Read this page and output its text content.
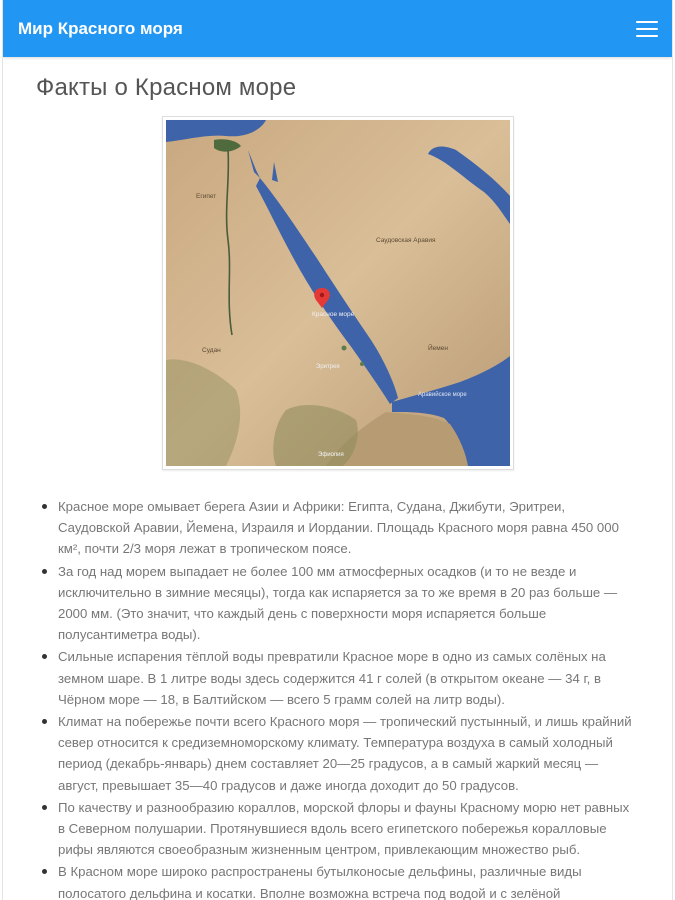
Мир Красного моря
Факты о Красном море
Красное море
Египет
Саудовская Аравия
Судан
Эритрея
Йемен
Аравийское море
Эфиопия
Красное море омывает берега Азии и Африки: Египта, Судана, Джибути, Эритреи, Саудовской Аравии, Йемена, Израиля и Иордании. Площадь Красного моря равна 450 000 км², почти 2/3 моря лежат в тропическом поясе.
За год над морем выпадает не более 100 мм атмосферных осадков (и то не везде и исключительно в зимние месяцы), тогда как испаряется за то же время в 20 раз больше — 2000 мм. (Это значит, что каждый день с поверхности моря испаряется больше полусантиметра воды).
Сильные испарения тёплой воды превратили Красное море в одно из самых солёных на земном шаре. В 1 литре воды здесь содержится 41 г солей (в открытом океане — 34 г, в Чёрном море — 18, в Балтийском — всего 5 грамм солей на литр воды).
Климат на побережье почти всего Красного моря — тропический пустынный, и лишь крайний север относится к средиземноморскому климату. Температура воздуха в самый холодный период (декабрь-январь) днем составляет 20—25 градусов, а в самый жаркий месяц — август, превышает 35—40 градусов и даже иногда доходит до 50 градусов.
По качеству и разнообразию кораллов, морской флоры и фауны Красному морю нет равных в Северном полушарии. Протянувшиеся вдоль всего египетского побережья коралловые рифы являются своеобразным жизненным центром, привлекающим множество рыб.
В Красном море широко распространены бутылконосые дельфины, различные виды полосатого дельфина и косатки. Вполне возможна встреча под водой и с зелёной
